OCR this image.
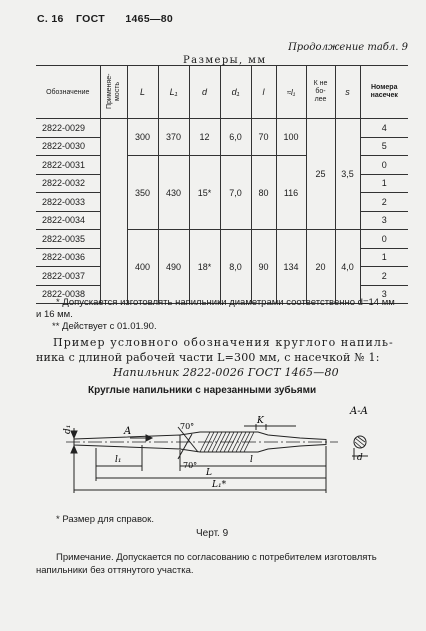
С. 16 ГОСТ 1465—80
Продолжение табл. 9
Размеры, мм
Обозначение	Применяе- мость	L	L₁	d	d₁	l	≈l₁	К не бо- лее	s	Номера насечек
2822-0029		300	370	12	6,0	70	100	25	3,5	4
2822-0030										5
2822-0031		350	430	15*	7,0	80	116			0
2822-0032										1
2822-0033										2
2822-0034										3
2822-0035		400	490	18*	8,0	90	134	20	4,0	0
2822-0036										1
2822-0037										2
2822-0038										3
* Допускается изготовлять напильники диаметрами соответственно d=14 мм
и 16 мм.
** Действует с 01.01.90.
Пример условного обозначения круглого напиль-
ника с длиной рабочей части L=300 мм, с насечкой № 1:
Напильник 2822-0026 ГОСТ 1465—80
Круглые напильники с нарезанными зубьями
A	70°
70°
K
d₁
l₁	l
L
L₁*
A-A
d
* Размер для справок.
Черт. 9
Примечание. Допускается по согласованию с потребителем изготовлять
напильники без оттянутого участка.
